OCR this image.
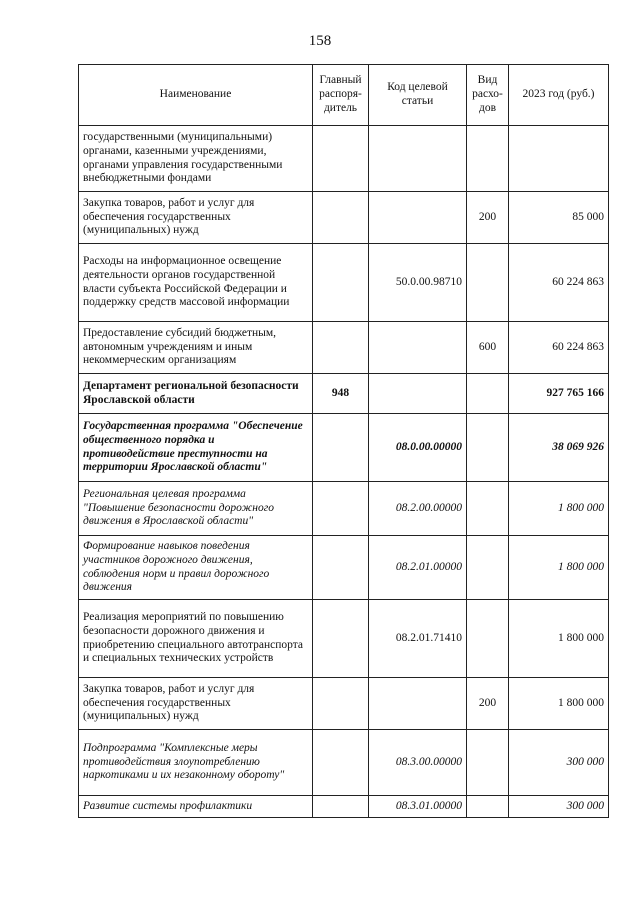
158
Наименование	Главный распоря-дитель	Код целевой статьи	Вид расхо-дов	2023 год (руб.)
государственными (муниципальными) органами, казенными учреждениями, органами управления государственными внебюджетными фондами				
Закупка товаров, работ и услуг для обеспечения государственных (муниципальных) нужд			200	85 000
Расходы на информационное освещение деятельности органов государственной власти субъекта Российской Федерации и поддержку средств массовой информации		50.0.00.98710		60 224 863
Предоставление субсидий бюджетным, автономным учреждениям и иным некоммерческим организациям			600	60 224 863
Департамент региональной безопасности Ярославской области	948			927 765 166
Государственная программа "Обеспечение общественного порядка и противодействие преступности на территории Ярославской области"		08.0.00.00000		38 069 926
Региональная целевая программа "Повышение безопасности дорожного движения в Ярославской области"		08.2.00.00000		1 800 000
Формирование навыков поведения участников дорожного движения, соблюдения норм и правил дорожного движения		08.2.01.00000		1 800 000
Реализация мероприятий по повышению безопасности дорожного движения и приобретению специального автотранспорта и специальных технических устройств		08.2.01.71410		1 800 000
Закупка товаров, работ и услуг для обеспечения государственных (муниципальных) нужд			200	1 800 000
Подпрограмма "Комплексные меры противодействия злоупотреблению наркотиками и их незаконному обороту"		08.3.00.00000		300 000
Развитие системы профилактики		08.3.01.00000		300 000
